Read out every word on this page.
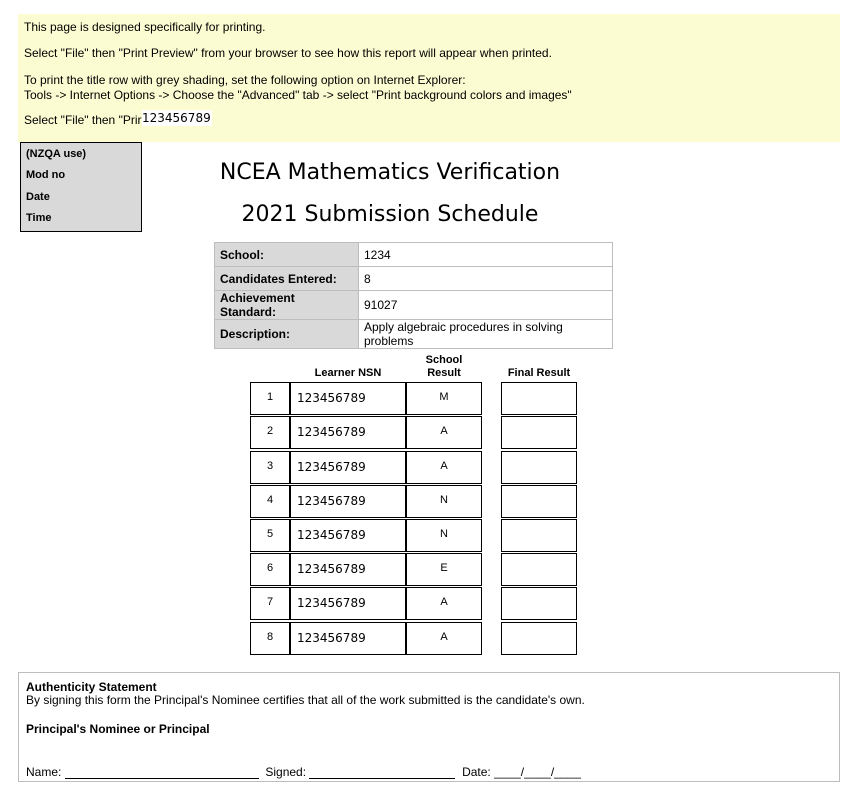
This page is designed specifically for printing.

Select "File" then "Print Preview" from your browser to see how this report will appear when printed.

To print the title row with grey shading, set the following option on Internet Explorer:

Tools -> Internet Options -> Choose the "Advanced" tab -> select "Print background colors and images"

Select "File" then "Prir 123456789
(NZQA use)
Mod no
Date
Time
NCEA Mathematics Verification
2021 Submission Schedule
School:	1234
Candidates Entered:	8
Achievement Standard:	91027
Description:	Apply algebraic procedures in solving problems
Learner NSN
School
Result	Final Result
1	123456789	M
2	123456789	A
3	123456789	A
4	123456789	N
5	123456789	N
6	123456789	E
7	123456789	A
8	123456789	A
Authenticity Statement
By signing this form the Principal's Nominee certifies that all of the work submitted is the candidate's own.
Principal's Nominee or Principal
Name:	Signed:	Date: ____/____/____
